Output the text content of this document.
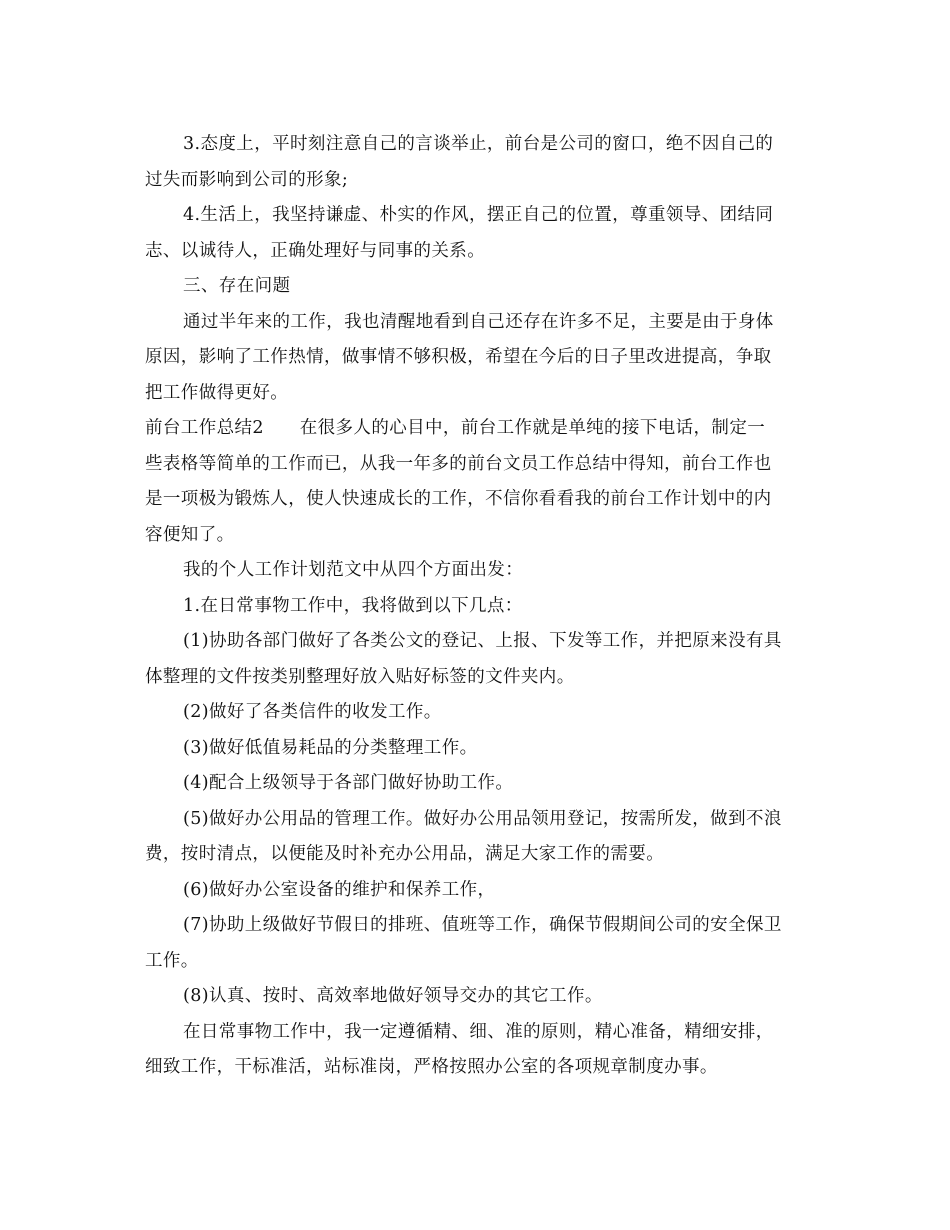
3.态度上，平时刻注意自己的言谈举止，前台是公司的窗口，绝不因自己的
过失而影响到公司的形象;
4.生活上，我坚持谦虚、朴实的作风，摆正自己的位置，尊重领导、团结同
志、以诚待人，正确处理好与同事的关系。
三、存在问题
通过半年来的工作，我也清醒地看到自己还存在许多不足，主要是由于身体
原因，影响了工作热情，做事情不够积极，希望在今后的日子里改进提高，争取
把工作做得更好。
前台工作总结2　　在很多人的心目中，前台工作就是单纯的接下电话，制定一
些表格等简单的工作而已，从我一年多的前台文员工作总结中得知，前台工作也
是一项极为锻炼人，使人快速成长的工作，不信你看看我的前台工作计划中的内
容便知了。
我的个人工作计划范文中从四个方面出发：
1.在日常事物工作中，我将做到以下几点：
(1)协助各部门做好了各类公文的登记、上报、下发等工作，并把原来没有具
体整理的文件按类别整理好放入贴好标签的文件夹内。
(2)做好了各类信件的收发工作。
(3)做好低值易耗品的分类整理工作。
(4)配合上级领导于各部门做好协助工作。
(5)做好办公用品的管理工作。做好办公用品领用登记，按需所发，做到不浪
费，按时清点，以便能及时补充办公用品，满足大家工作的需要。
(6)做好办公室设备的维护和保养工作，
(7)协助上级做好节假日的排班、值班等工作，确保节假期间公司的安全保卫
工作。
(8)认真、按时、高效率地做好领导交办的其它工作。
在日常事物工作中，我一定遵循精、细、准的原则，精心准备，精细安排，
细致工作，干标准活，站标准岗，严格按照办公室的各项规章制度办事。
